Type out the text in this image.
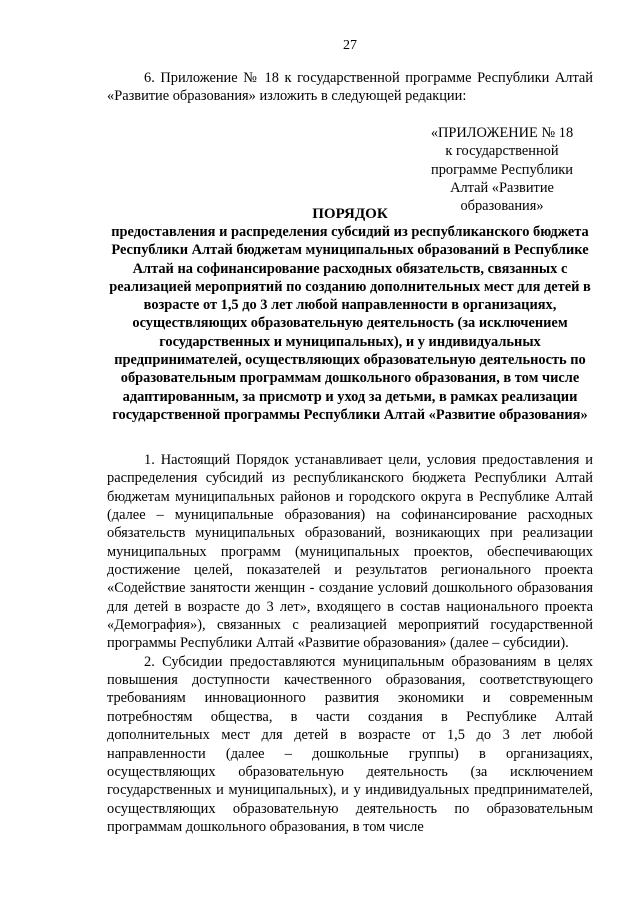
27

6. Приложение № 18 к государственной программе Республики Алтай «Развитие образования» изложить в следующей редакции:

«ПРИЛОЖЕНИЕ № 18
к государственной
программе Республики
Алтай «Развитие
образования»

ПОРЯДОК

предоставления и распределения субсидий из республиканского бюджета Республики Алтай бюджетам муниципальных образований в Республике Алтай на софинансирование расходных обязательств, связанных с реализацией мероприятий по созданию дополнительных мест для детей в возрасте от 1,5 до 3 лет любой направленности в организациях, осуществляющих образовательную деятельность (за исключением государственных и муниципальных), и у индивидуальных предпринимателей, осуществляющих образовательную деятельность по образовательным программам дошкольного образования, в том числе адаптированным, за присмотр и уход за детьми, в рамках реализации государственной программы Республики Алтай «Развитие образования»

1. Настоящий Порядок устанавливает цели, условия предоставления и распределения субсидий из республиканского бюджета Республики Алтай бюджетам муниципальных районов и городского округа в Республике Алтай (далее – муниципальные образования) на софинансирование расходных обязательств муниципальных образований, возникающих при реализации муниципальных программ (муниципальных проектов, обеспечивающих достижение целей, показателей и результатов регионального проекта «Содействие занятости женщин - создание условий дошкольного образования для детей в возрасте до 3 лет», входящего в состав национального проекта «Демография»), связанных с реализацией мероприятий государственной программы Республики Алтай «Развитие образования» (далее – субсидии).

2. Субсидии предоставляются муниципальным образованиям в целях повышения доступности качественного образования, соответствующего требованиям инновационного развития экономики и современным потребностям общества, в части создания в Республике Алтай дополнительных мест для детей в возрасте от 1,5 до 3 лет любой направленности (далее – дошкольные группы) в организациях, осуществляющих образовательную деятельность (за исключением государственных и муниципальных), и у индивидуальных предпринимателей, осуществляющих образовательную деятельность по образовательным программам дошкольного образования, в том числе
